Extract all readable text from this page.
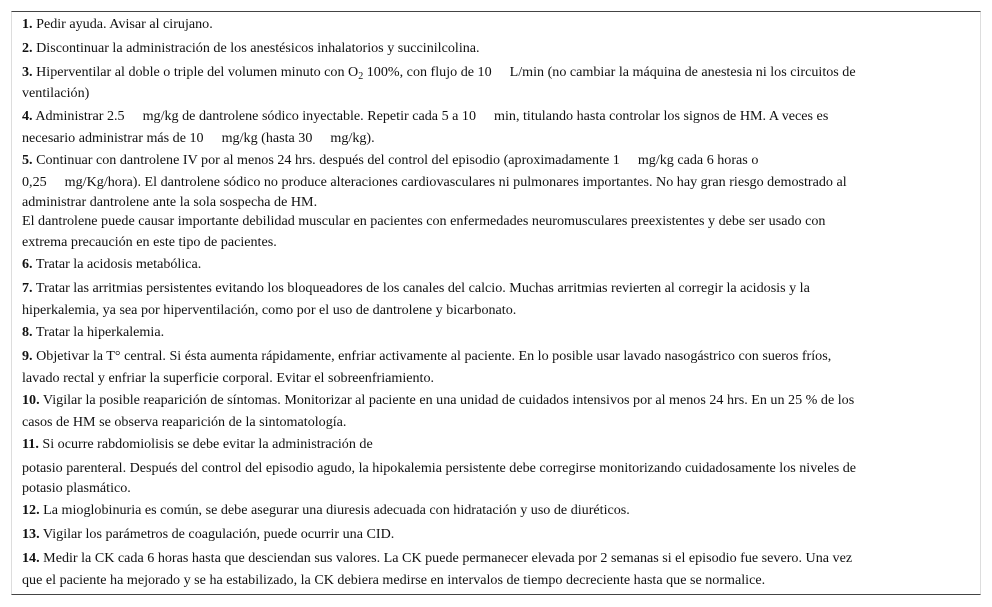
1. Pedir ayuda. Avisar al cirujano.
2. Discontinuar la administración de los anestésicos inhalatorios y succinilcolina.
3. Hiperventilar al doble o triple del volumen minuto con $O_2$ 100%, con flujo de 10 L/min (no cambiar la máquina de anestesia ni los circuitos de
ventilación)
4. Administrar 2.5 mg/kg de dantrolene sódico inyectable. Repetir cada 5 a 10 min, titulando hasta controlar los signos de HM. A veces es
necesario administrar más de 10 mg/kg (hasta 30 mg/kg).
5. Continuar con dantrolene IV por al menos 24 hrs. después del control del episodio (aproximadamente 1 mg/kg cada 6 horas o
0,25 mg/Kg/hora). El dantrolene sódico no produce alteraciones cardiovasculares ni pulmonares importantes. No hay gran riesgo demostrado al
administrar dantrolene ante la sola sospecha de HM.
El dantrolene puede causar importante debilidad muscular en pacientes con enfermedades neuromusculares preexistentes y debe ser usado con
extrema precaución en este tipo de pacientes.
6. Tratar la acidosis metabólica.
7. Tratar las arritmias persistentes evitando los bloqueadores de los canales del calcio. Muchas arritmias revierten al corregir la acidosis y la
hiperkalemia, ya sea por hiperventilación, como por el uso de dantrolene y bicarbonato.
8. Tratar la hiperkalemia.
9. Objetivar la T° central. Si ésta aumenta rápidamente, enfriar activamente al paciente. En lo posible usar lavado nasogástrico con sueros fríos,
lavado rectal y enfriar la superficie corporal. Evitar el sobreenfriamiento.
10. Vigilar la posible reaparición de síntomas. Monitorizar al paciente en una unidad de cuidados intensivos por al menos 24 hrs. En un 25 % de los
casos de HM se observa reaparición de la sintomatología.
11. Si ocurre rabdomiolisis se debe evitar la administración de
potasio parenteral. Después del control del episodio agudo, la hipokalemia persistente debe corregirse monitorizando cuidadosamente los niveles de
potasio plasmático.
12. La mioglobinuria es común, se debe asegurar una diuresis adecuada con hidratación y uso de diuréticos.
13. Vigilar los parámetros de coagulación, puede ocurrir una CID.
14. Medir la CK cada 6 horas hasta que desciendan sus valores. La CK puede permanecer elevada por 2 semanas si el episodio fue severo. Una vez
que el paciente ha mejorado y se ha estabilizado, la CK debiera medirse en intervalos de tiempo decreciente hasta que se normalice.
